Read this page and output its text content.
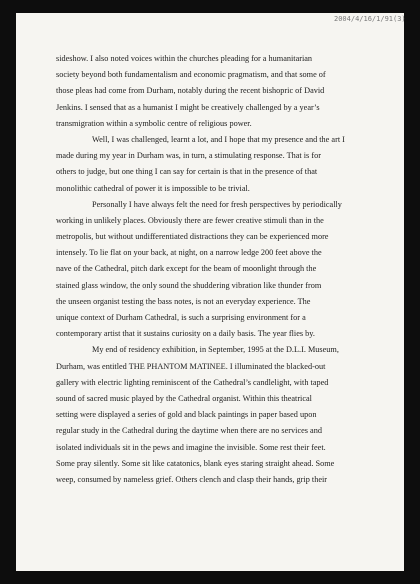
2004/4/16/1/91(3)
sideshow. I also noted voices within the churches pleading for a humanitarian
society beyond both fundamentalism and economic pragmatism, and that some of
those pleas had come from Durham, notably during the recent bishopric of David
Jenkins. I sensed that as a humanist I might be creatively challenged by a year’s
transmigration within a symbolic centre of religious power.
Well, I was challenged, learnt a lot, and I hope that my presence and the art I
made during my year in Durham was, in turn, a stimulating response. That is for
others to judge, but one thing I can say for certain is that in the presence of that
monolithic cathedral of power it is impossible to be trivial.
Personally I have always felt the need for fresh perspectives by periodically
working in unlikely places. Obviously there are fewer creative stimuli than in the
metropolis, but without undifferentiated distractions they can be experienced more
intensely. To lie flat on your back, at night, on a narrow ledge 200 feet above the
nave of the Cathedral, pitch dark except for the beam of moonlight through the
stained glass window, the only sound the shuddering vibration like thunder from
the unseen organist testing the bass notes, is not an everyday experience. The
unique context of Durham Cathedral, is such a surprising environment for a
contemporary artist that it sustains curiosity on a daily basis. The year flies by.
My end of residency exhibition, in September, 1995 at the D.L.I. Museum,
Durham, was entitled THE PHANTOM MATINEE. I illuminated the blacked-out
gallery with electric lighting reminiscent of the Cathedral’s candlelight, with taped
sound of sacred music played by the Cathedral organist. Within this theatrical
setting were displayed a series of gold and black paintings in paper based upon
regular study in the Cathedral during the daytime when there are no services and
isolated individuals sit in the pews and imagine the invisible. Some rest their feet.
Some pray silently. Some sit like catatonics, blank eyes staring straight ahead. Some
weep, consumed by nameless grief. Others clench and clasp their hands, grip their
